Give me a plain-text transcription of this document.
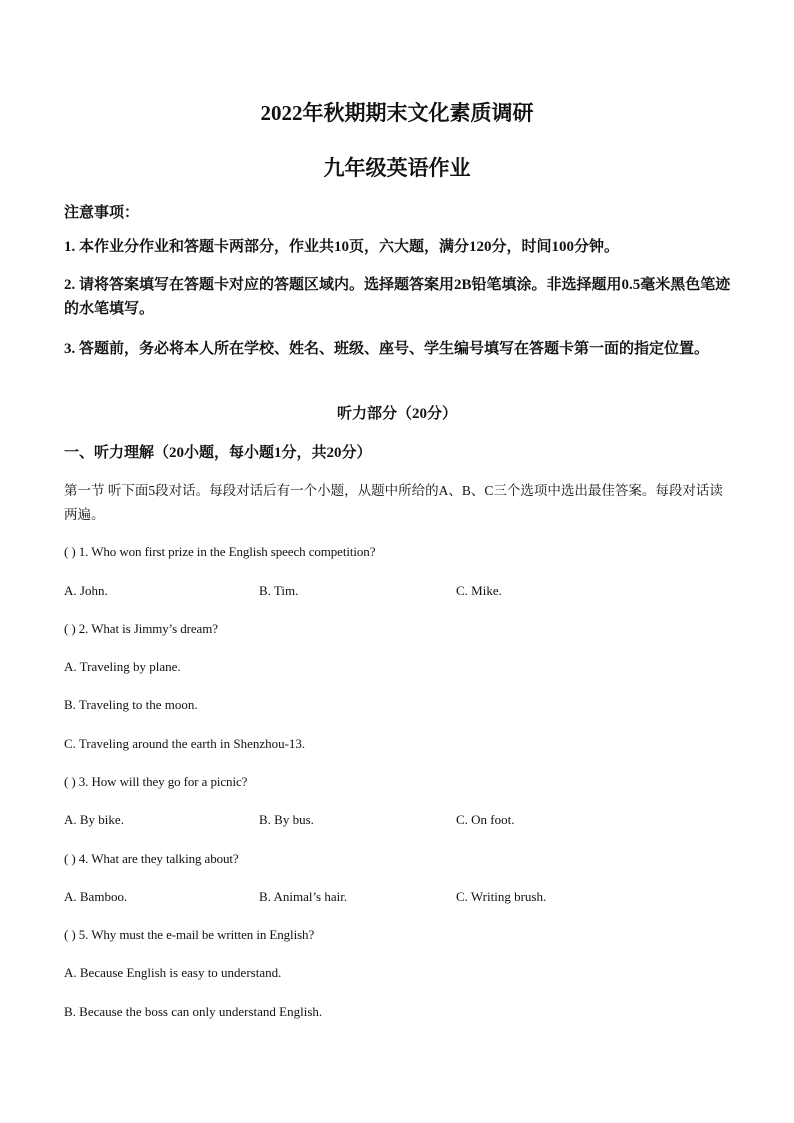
2022年秋期期末文化素质调研
九年级英语作业
注意事项：
1. 本作业分作业和答题卡两部分，作业共10页，六大题，满分120分，时间100分钟。
2. 请将答案填写在答题卡对应的答题区域内。选择题答案用2B铅笔填涂。非选择题用0.5毫米黑色笔迹的水笔填写。
3. 答题前，务必将本人所在学校、姓名、班级、座号、学生编号填写在答题卡第一面的指定位置。
听力部分（20分）
一、听力理解（20小题，每小题1分，共20分）
第一节 听下面5段对话。每段对话后有一个小题，从题中所给的A、B、C三个选项中选出最佳答案。每段对话读两遍。
( ) 1. Who won first prize in the English speech competition?
A. John.	B. Tim.	C. Mike.
( ) 2. What is Jimmy’s dream?
A. Traveling by plane.
B. Traveling to the moon.
C. Traveling around the earth in Shenzhou-13.
( ) 3. How will they go for a picnic?
A. By bike.	B. By bus.	C. On foot.
( ) 4. What are they talking about?
A. Bamboo.	B. Animal’s hair.	C. Writing brush.
( ) 5. Why must the e-mail be written in English?
A. Because English is easy to understand.
B. Because the boss can only understand English.
